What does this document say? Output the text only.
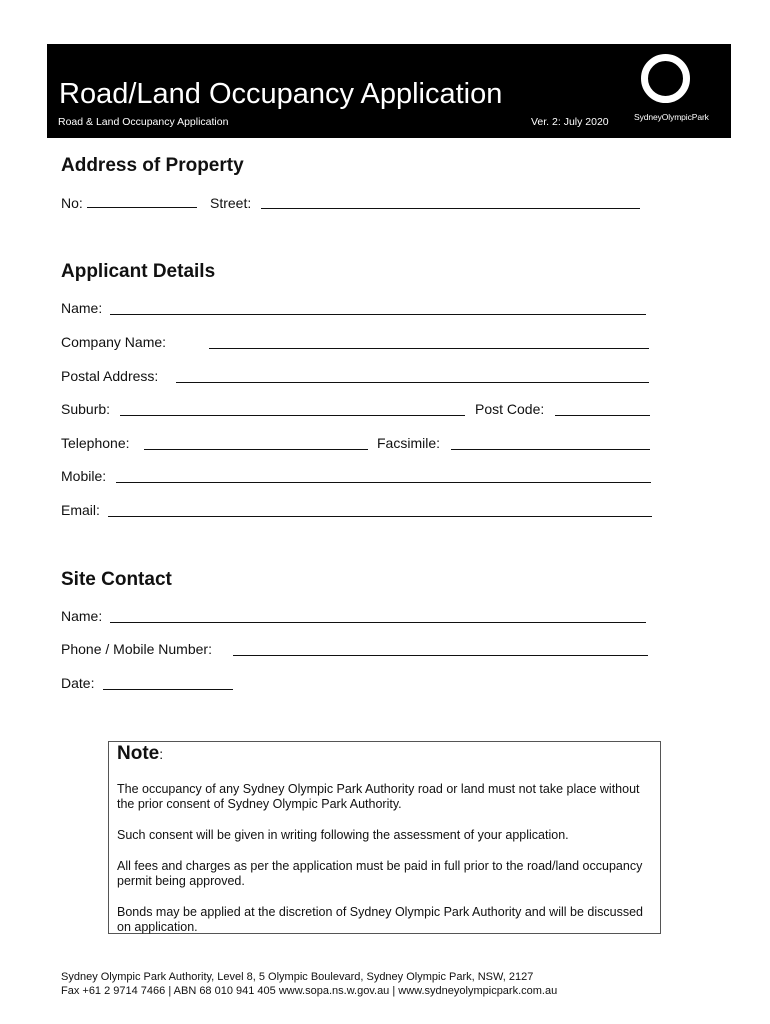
Road/Land Occupancy Application
Road & Land Occupancy Application	Ver. 2: July 2020	SydneyOlympicPark
Address of Property
No:	Street:
Applicant Details
Name:
Company Name:
Postal Address:
Suburb:	Post Code:
Telephone:	Facsimile:
Mobile:
Email:
Site Contact
Name:
Phone / Mobile Number:
Date:
Note:
The occupancy of any Sydney Olympic Park Authority road or land must not take place without the prior consent of Sydney Olympic Park Authority.
Such consent will be given in writing following the assessment of your application.
All fees and charges as per the application must be paid in full prior to the road/land occupancy permit being approved.
Bonds may be applied at the discretion of Sydney Olympic Park Authority and will be discussed on application.
Sydney Olympic Park Authority, Level 8, 5 Olympic Boulevard, Sydney Olympic Park, NSW, 2127
Fax +61 2 9714 7466 | ABN 68 010 941 405 www.sopa.ns.w.gov.au | www.sydneyolympicpark.com.au
